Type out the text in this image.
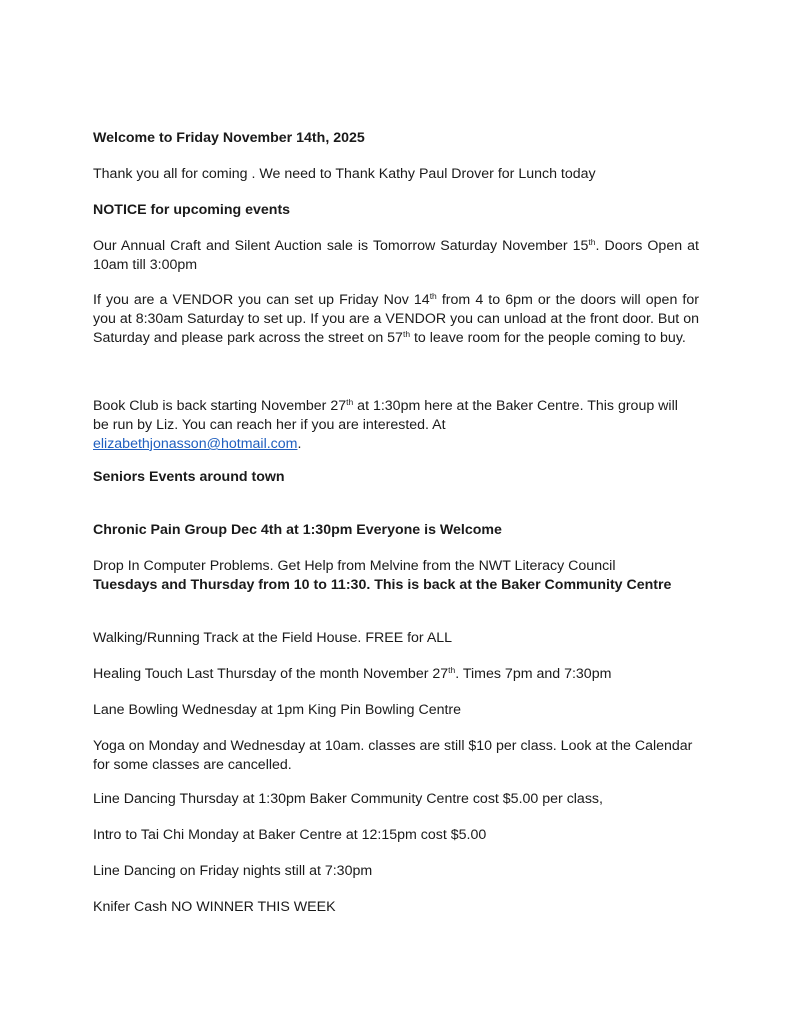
Welcome to Friday November 14th, 2025

Thank you all for coming . We need to Thank Kathy Paul Drover for Lunch today

NOTICE for upcoming events

Our Annual Craft and Silent Auction sale is Tomorrow Saturday November 15th. Doors Open at 10am till 3:00pm

If you are a VENDOR you can set up Friday Nov 14th from 4 to 6pm or the doors will open for you at 8:30am Saturday to set up. If you are a VENDOR you can unload at the front door. But on Saturday and please park across the street on 57th to leave room for the people coming to buy.

Book Club is back starting November 27th at 1:30pm here at the Baker Centre. This group will be run by Liz. You can reach her if you are interested. At
elizabethjonasson@hotmail.com.

Seniors Events around town

Chronic Pain Group Dec 4th at 1:30pm Everyone is Welcome

Drop In Computer Problems. Get Help from Melvine from the NWT Literacy Council
Tuesdays and Thursday from 10 to 11:30. This is back at the Baker Community Centre

Walking/Running Track at the Field House. FREE for ALL

Healing Touch Last Thursday of the month November 27th. Times 7pm and 7:30pm

Lane Bowling Wednesday at 1pm King Pin Bowling Centre

Yoga on Monday and Wednesday at 10am. classes are still $10 per class. Look at the Calendar for some classes are cancelled.

Line Dancing Thursday at 1:30pm Baker Community Centre cost $5.00 per class,

Intro to Tai Chi Monday at Baker Centre at 12:15pm cost $5.00

Line Dancing on Friday nights still at 7:30pm

Knifer Cash NO WINNER THIS WEEK
